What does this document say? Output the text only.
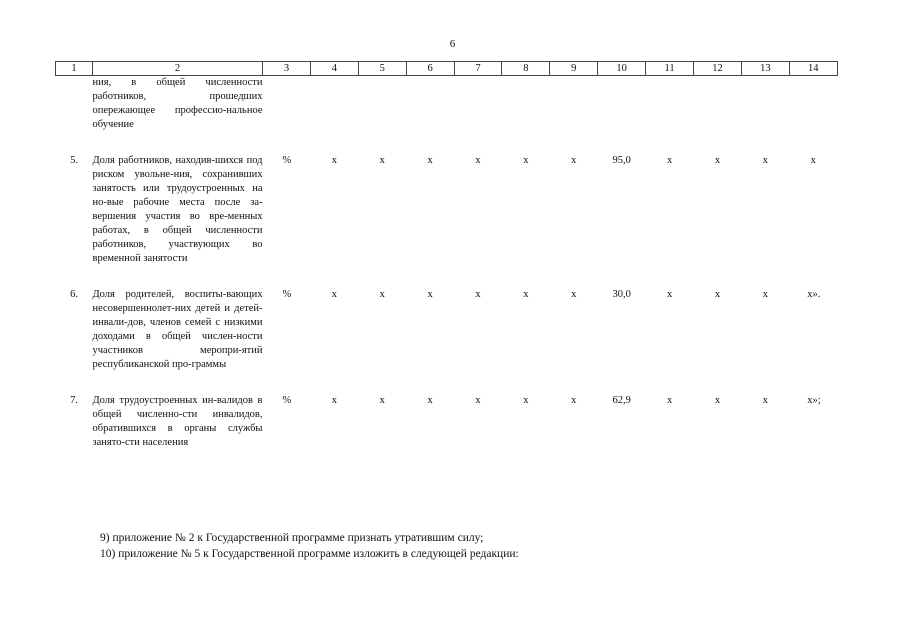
6
1	2	3	4	5	6	7	8	9	10	11	12	13	14
	ния, в общей численности работников, прошедших опережающее профессио-нальное обучение												

5.	Доля работников, находив-шихся под риском увольне-ния, сохранивших занятость или трудоустроенных на но-вые рабочие места после за-вершения участия во вре-менных работах, в общей численности работников, участвующих во временной занятости	%	х	х	х	х	х	х	95,0	х	х	х	х

6.	Доля родителей, воспиты-вающих несовершеннолет-них детей и детей-инвали-дов, членов семей с низкими доходами в общей числен-ности участников меропри-ятий республиканской про-граммы	%	х	х	х	х	х	х	30,0	х	х	х	х».

7.	Доля трудоустроенных ин-валидов в общей численно-сти инвалидов, обратившихся в органы службы занято-сти населения	%	х	х	х	х	х	х	62,9	х	х	х	х»;

9) приложение № 2 к Государственной программе признать утратившим силу;

10) приложение № 5 к Государственной программе изложить в следующей редакции:
